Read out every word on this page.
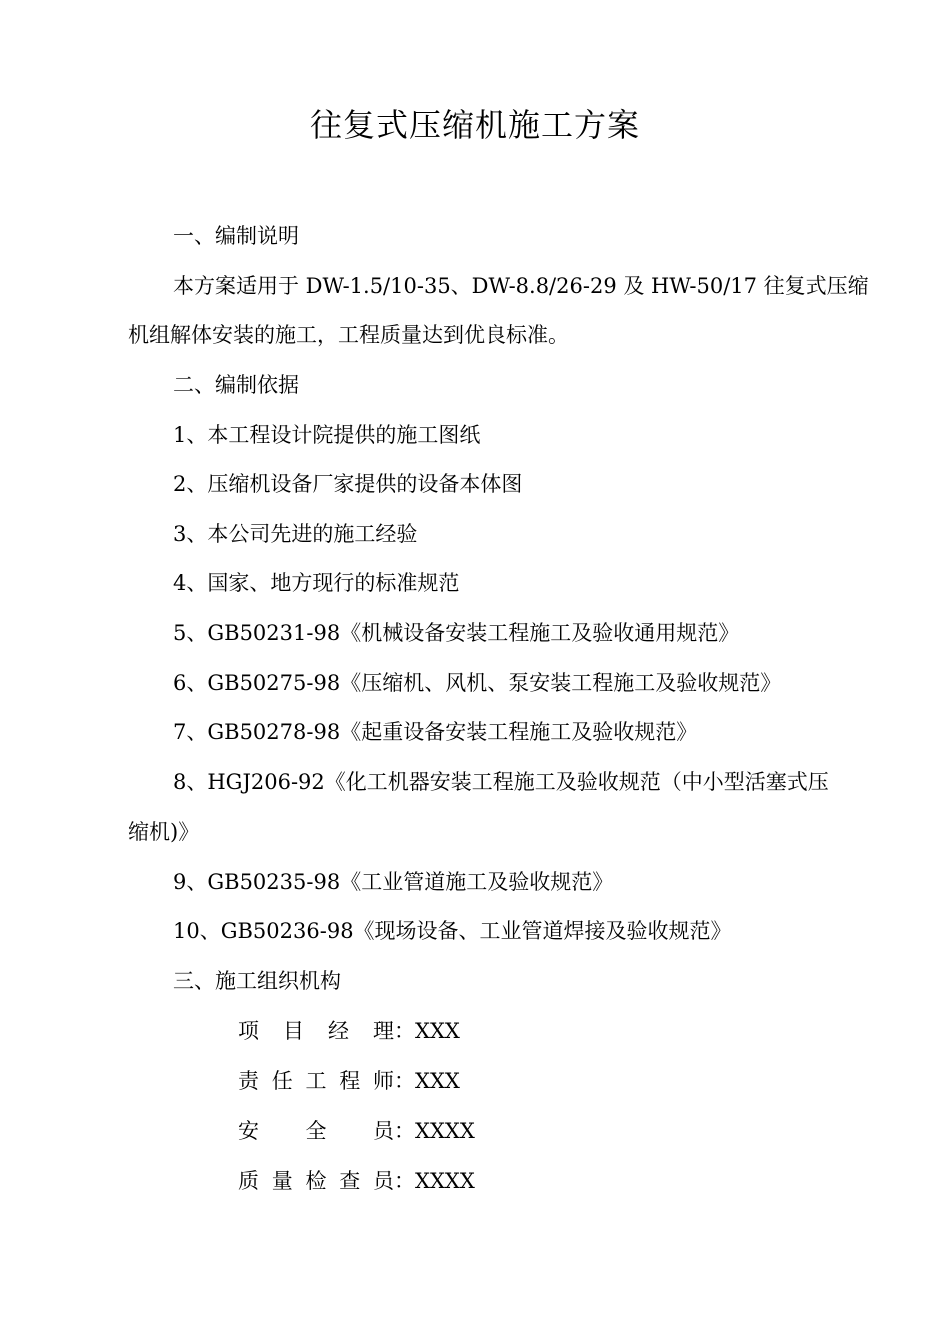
往复式压缩机施工方案

一、编制说明

本方案适用于 DW-1.5/10-35、DW-8.8/26-29 及 HW-50/17 往复式压缩

机组解体安装的施工，工程质量达到优良标准。

二、编制依据

1、本工程设计院提供的施工图纸

2、压缩机设备厂家提供的设备本体图

3、本公司先进的施工经验

4、国家、地方现行的标准规范

5、GB50231-98《机械设备安装工程施工及验收通用规范》

6、GB50275-98《压缩机、风机、泵安装工程施工及验收规范》

7、GB50278-98《起重设备安装工程施工及验收规范》

8、HGJ206-92《化工机器安装工程施工及验收规范（中小型活塞式压

缩机)》

9、GB50235-98《工业管道施工及验收规范》

10、GB50236-98《现场设备、工业管道焊接及验收规范》

三、施工组织机构

项 目 经 理 ：XXX
责 任 工 程 师 ：XXX
安 全 员 ：XXXX
质 量 检 查 员 ：XXXX
